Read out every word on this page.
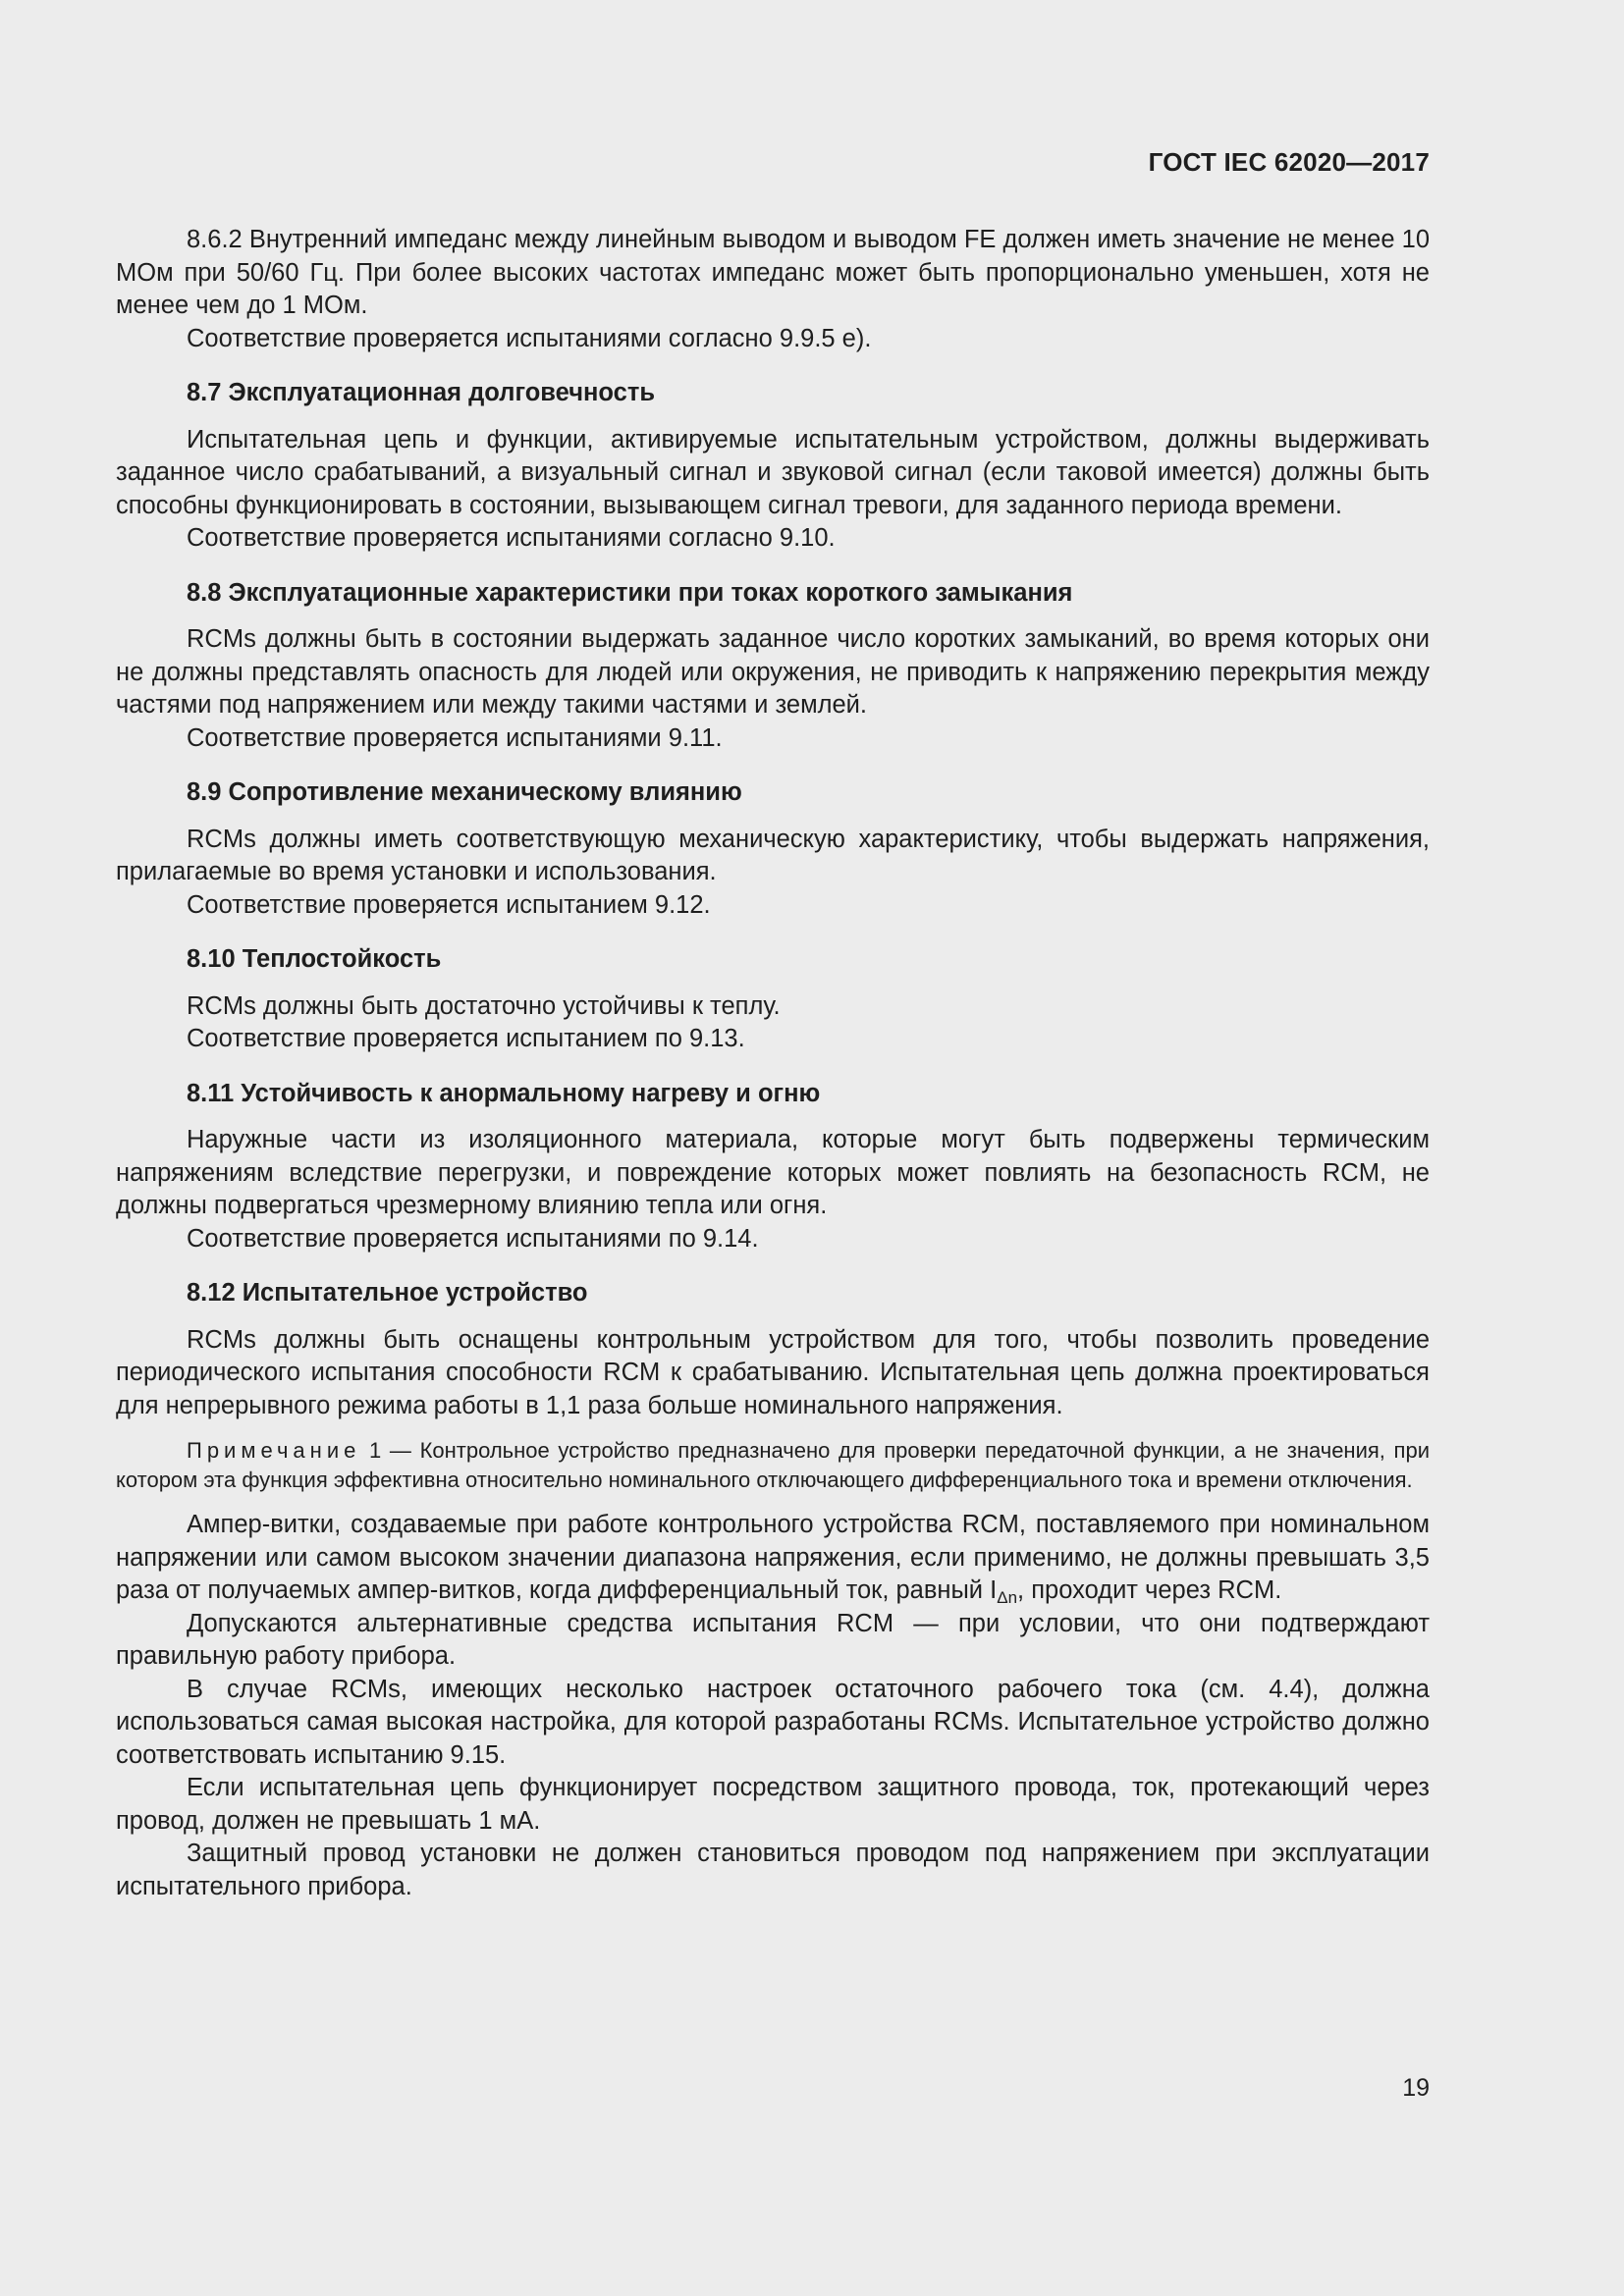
ГОСТ IEC 62020—2017

8.6.2 Внутренний импеданс между линейным выводом и выводом FE должен иметь значение не менее 10 МОм при 50/60 Гц. При более высоких частотах импеданс может быть пропорционально уменьшен, хотя не менее чем до 1 МОм.

Соответствие проверяется испытаниями согласно 9.9.5 е).

8.7 Эксплуатационная долговечность

Испытательная цепь и функции, активируемые испытательным устройством, должны выдерживать заданное число срабатываний, а визуальный сигнал и звуковой сигнал (если таковой имеется) должны быть способны функционировать в состоянии, вызывающем сигнал тревоги, для заданного периода времени.

Соответствие проверяется испытаниями согласно 9.10.

8.8 Эксплуатационные характеристики при токах короткого замыкания

RCMs должны быть в состоянии выдержать заданное число коротких замыканий, во время которых они не должны представлять опасность для людей или окружения, не приводить к напряжению перекрытия между частями под напряжением или между такими частями и землей.

Соответствие проверяется испытаниями 9.11.

8.9 Сопротивление механическому влиянию

RCMs должны иметь соответствующую механическую характеристику, чтобы выдержать напряжения, прилагаемые во время установки и использования.

Соответствие проверяется испытанием 9.12.

8.10 Теплостойкость

RCMs должны быть достаточно устойчивы к теплу.

Соответствие проверяется испытанием по 9.13.

8.11 Устойчивость к анормальному нагреву и огню

Наружные части из изоляционного материала, которые могут быть подвержены термическим напряжениям вследствие перегрузки, и повреждение которых может повлиять на безопасность RCM, не должны подвергаться чрезмерному влиянию тепла или огня.

Соответствие проверяется испытаниями по 9.14.

8.12 Испытательное устройство

RCMs должны быть оснащены контрольным устройством для того, чтобы позволить проведение периодического испытания способности RCM к срабатыванию. Испытательная цепь должна проектироваться для непрерывного режима работы в 1,1 раза больше номинального напряжения.

Примечание 1 — Контрольное устройство предназначено для проверки передаточной функции, а не значения, при котором эта функция эффективна относительно номинального отключающего дифференциального тока и времени отключения.

Ампер-витки, создаваемые при работе контрольного устройства RCM, поставляемого при номинальном напряжении или самом высоком значении диапазона напряжения, если применимо, не должны превышать 3,5 раза от получаемых ампер-витков, когда дифференциальный ток, равный $I_{\Delta n}$, проходит через RCM.

Допускаются альтернативные средства испытания RCM — при условии, что они подтверждают правильную работу прибора.

В случае RCMs, имеющих несколько настроек остаточного рабочего тока (см. 4.4), должна использоваться самая высокая настройка, для которой разработаны RCMs. Испытательное устройство должно соответствовать испытанию 9.15.

Если испытательная цепь функционирует посредством защитного провода, ток, протекающий через провод, должен не превышать 1 мА.

Защитный провод установки не должен становиться проводом под напряжением при эксплуатации испытательного прибора.

19
